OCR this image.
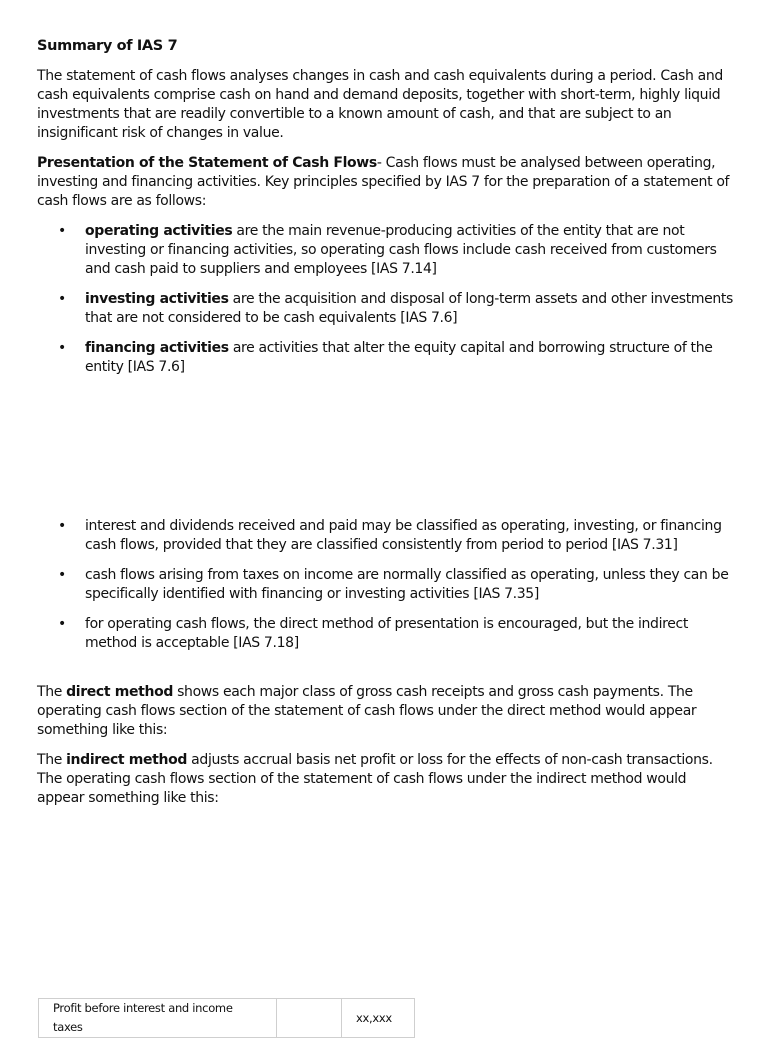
Summary of IAS 7

The statement of cash flows analyses changes in cash and cash equivalents during a period. Cash and cash equivalents comprise cash on hand and demand deposits, together with short-term, highly liquid investments that are readily convertible to a known amount of cash, and that are subject to an insignificant risk of changes in value.

Presentation of the Statement of Cash Flows- Cash flows must be analysed between operating, investing and financing activities. Key principles specified by IAS 7 for the preparation of a statement of cash flows are as follows:

• operating activities are the main revenue-producing activities of the entity that are not investing or financing activities, so operating cash flows include cash received from customers and cash paid to suppliers and employees [IAS 7.14]
• investing activities are the acquisition and disposal of long-term assets and other investments that are not considered to be cash equivalents [IAS 7.6]
• financing activities are activities that alter the equity capital and borrowing structure of the entity [IAS 7.6]
• interest and dividends received and paid may be classified as operating, investing, or financing cash flows, provided that they are classified consistently from period to period [IAS 7.31]
• cash flows arising from taxes on income are normally classified as operating, unless they can be specifically identified with financing or investing activities [IAS 7.35]
• for operating cash flows, the direct method of presentation is encouraged, but the indirect method is acceptable [IAS 7.18]

The direct method shows each major class of gross cash receipts and gross cash payments. The operating cash flows section of the statement of cash flows under the direct method would appear something like this:

The indirect method adjusts accrual basis net profit or loss for the effects of non-cash transactions. The operating cash flows section of the statement of cash flows under the indirect method would appear something like this:

Profit before interest and income taxes		xx,xxx
